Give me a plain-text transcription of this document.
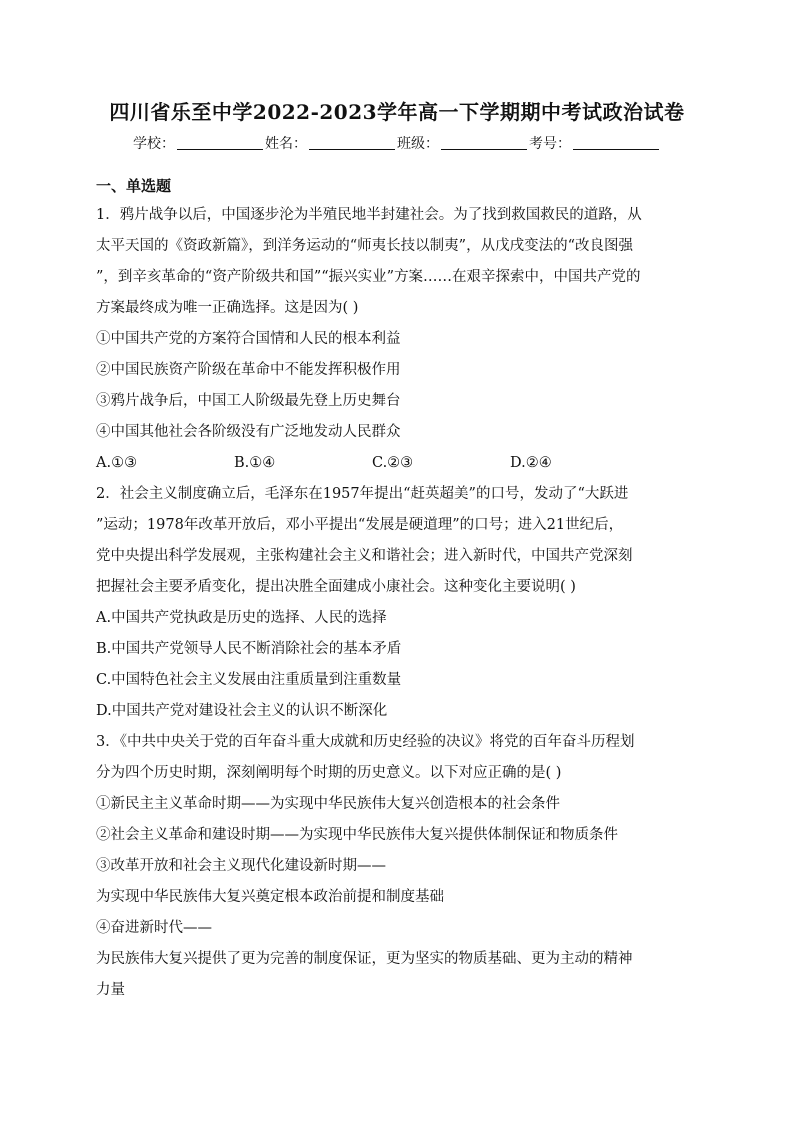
四川省乐至中学2022-2023学年高一下学期期中考试政治试卷
学校：	姓名：	班级：	考号：
一、单选题
1．鸦片战争以后，中国逐步沦为半殖民地半封建社会。为了找到救国救民的道路，从
太平天国的《资政新篇》，到洋务运动的“师夷长技以制夷”，从戊戌变法的“改良图强
”，到辛亥革命的“资产阶级共和国”“振兴实业”方案……在艰辛探索中，中国共产党的
方案最终成为唯一正确选择。这是因为( )
①中国共产党的方案符合国情和人民的根本利益
②中国民族资产阶级在革命中不能发挥积极作用
③鸦片战争后，中国工人阶级最先登上历史舞台
④中国其他社会各阶级没有广泛地发动人民群众
A.①③	B.①④	C.②③	D.②④
2．社会主义制度确立后，毛泽东在1957年提出“赶英超美”的口号，发动了“大跃进
”运动；1978年改革开放后，邓小平提出“发展是硬道理”的口号；进入21世纪后，
党中央提出科学发展观，主张构建社会主义和谐社会；进入新时代，中国共产党深刻
把握社会主要矛盾变化，提出决胜全面建成小康社会。这种变化主要说明( )
A.中国共产党执政是历史的选择、人民的选择
B.中国共产党领导人民不断消除社会的基本矛盾
C.中国特色社会主义发展由注重质量到注重数量
D.中国共产党对建设社会主义的认识不断深化
3．《中共中央关于党的百年奋斗重大成就和历史经验的决议》将党的百年奋斗历程划
分为四个历史时期，深刻阐明每个时期的历史意义。以下对应正确的是( )
①新民主主义革命时期——为实现中华民族伟大复兴创造根本的社会条件
②社会主义革命和建设时期——为实现中华民族伟大复兴提供体制保证和物质条件
③改革开放和社会主义现代化建设新时期——
为实现中华民族伟大复兴奠定根本政治前提和制度基础
④奋进新时代——
为民族伟大复兴提供了更为完善的制度保证，更为坚实的物质基础、更为主动的精神
力量
